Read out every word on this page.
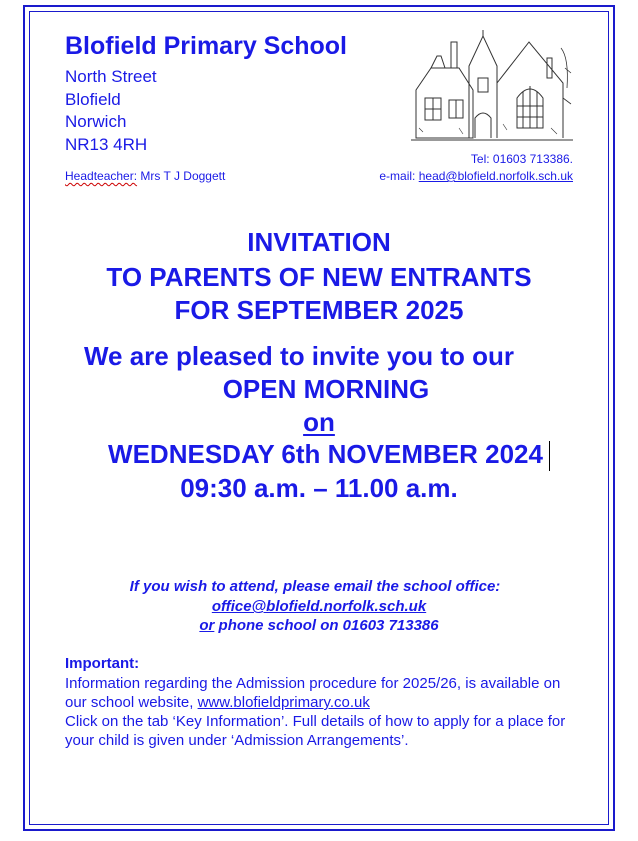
Blofield Primary School
North Street
Blofield
Norwich
NR13 4RH
Tel: 01603 713386.
Headteacher: Mrs T J Doggett	e-mail: head@blofield.norfolk.sch.uk
INVITATION
TO PARENTS OF NEW ENTRANTS
FOR SEPTEMBER 2025
We are pleased to invite you to our
OPEN MORNING
on
WEDNESDAY 6th NOVEMBER 2024
09:30 a.m. – 11.00 a.m.
If you wish to attend, please email the school office:
office@blofield.norfolk.sch.uk
or phone school on 01603 713386
Important:
Information regarding the Admission procedure for 2025/26, is available on our school website, www.blofieldprimary.co.uk
Click on the tab ‘Key Information’. Full details of how to apply for a place for your child is given under ‘Admission Arrangements’.
